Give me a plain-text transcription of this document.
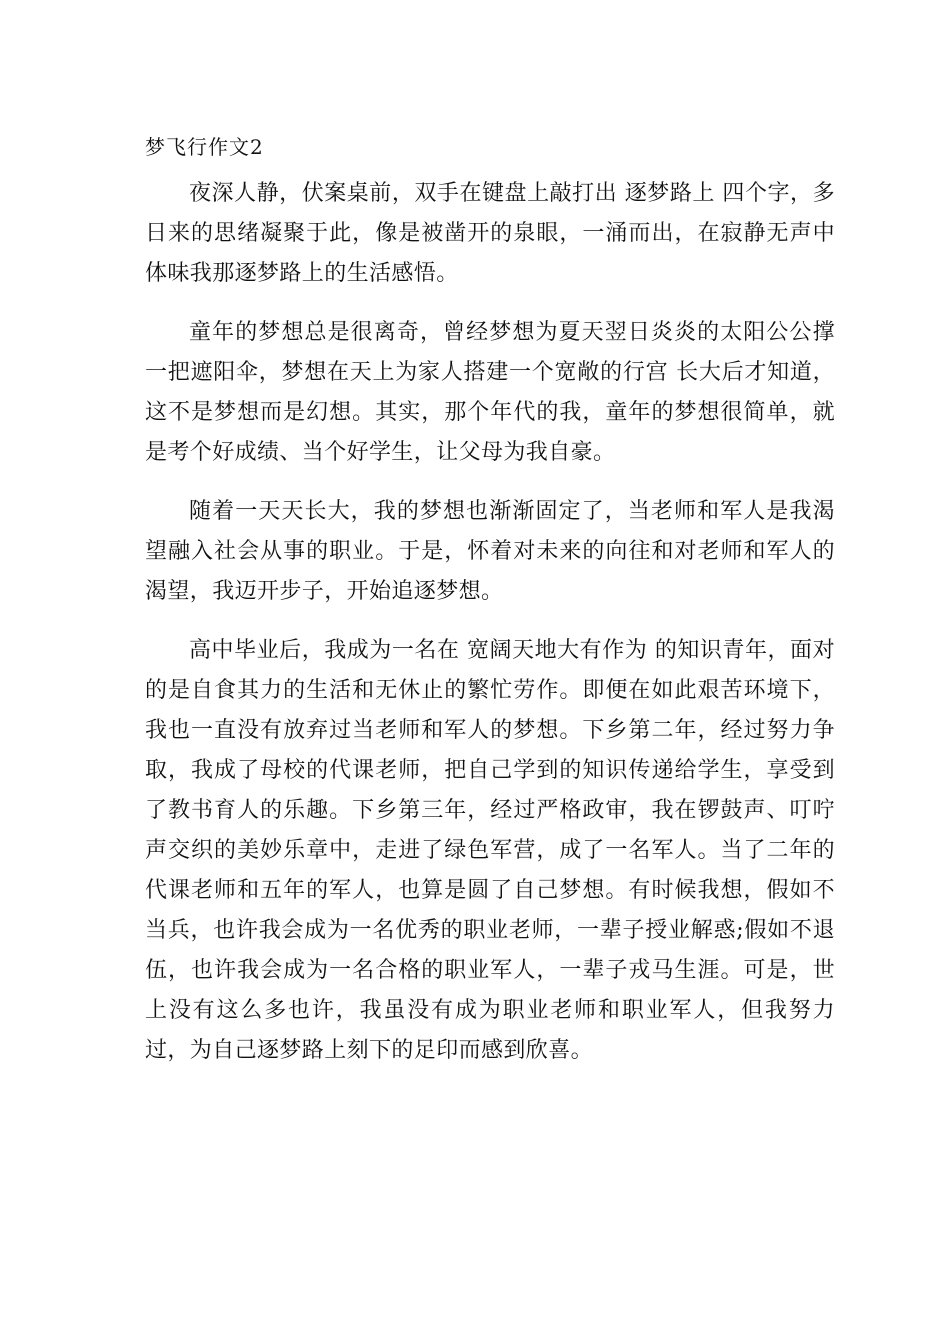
梦飞行作文2

夜深人静，伏案桌前，双手在键盘上敲打出 逐梦路上 四个字，多日来的思绪凝聚于此，像是被凿开的泉眼，一涌而出，在寂静无声中体味我那逐梦路上的生活感悟。

童年的梦想总是很离奇，曾经梦想为夏天翌日炎炎的太阳公公撑一把遮阳伞，梦想在天上为家人搭建一个宽敞的行宫 长大后才知道，这不是梦想而是幻想。其实，那个年代的我，童年的梦想很简单，就是考个好成绩、当个好学生，让父母为我自豪。

随着一天天长大，我的梦想也渐渐固定了，当老师和军人是我渴望融入社会从事的职业。于是，怀着对未来的向往和对老师和军人的渴望，我迈开步子，开始追逐梦想。

高中毕业后，我成为一名在 宽阔天地大有作为 的知识青年，面对的是自食其力的生活和无休止的繁忙劳作。即便在如此艰苦环境下，我也一直没有放弃过当老师和军人的梦想。下乡第二年，经过努力争取，我成了母校的代课老师，把自己学到的知识传递给学生，享受到了教书育人的乐趣。下乡第三年，经过严格政审，我在锣鼓声、叮咛声交织的美妙乐章中，走进了绿色军营，成了一名军人。当了二年的代课老师和五年的军人，也算是圆了自己梦想。有时候我想，假如不当兵，也许我会成为一名优秀的职业老师，一辈子授业解惑;假如不退伍，也许我会成为一名合格的职业军人，一辈子戎马生涯。可是，世上没有这么多也许，我虽没有成为职业老师和职业军人，但我努力过，为自己逐梦路上刻下的足印而感到欣喜。
